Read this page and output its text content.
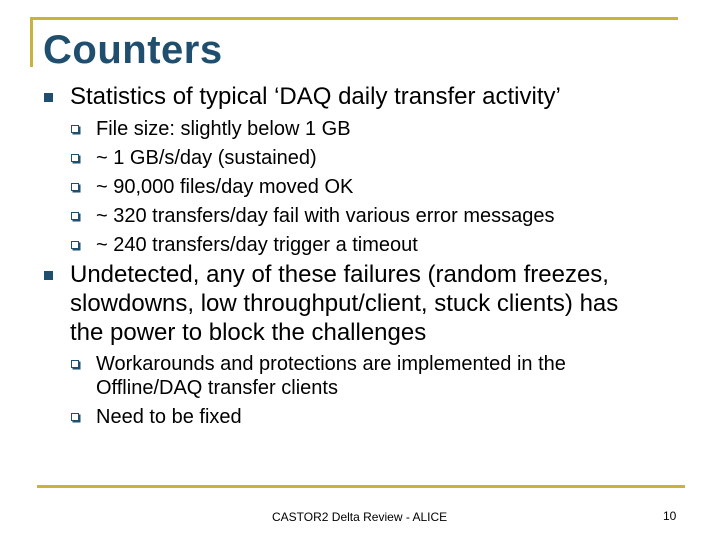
Counters
Statistics of typical ‘DAQ daily transfer activity’
File size: slightly below 1 GB
~ 1 GB/s/day (sustained)
~ 90,000 files/day moved OK
~ 320 transfers/day fail with various error messages
~ 240 transfers/day trigger a timeout
Undetected, any of these failures (random freezes,
slowdowns, low throughput/client, stuck clients) has
the power to block the challenges
Workarounds and protections are implemented in the
Offline/DAQ transfer clients
Need to be fixed
CASTOR2 Delta Review - ALICE	10
